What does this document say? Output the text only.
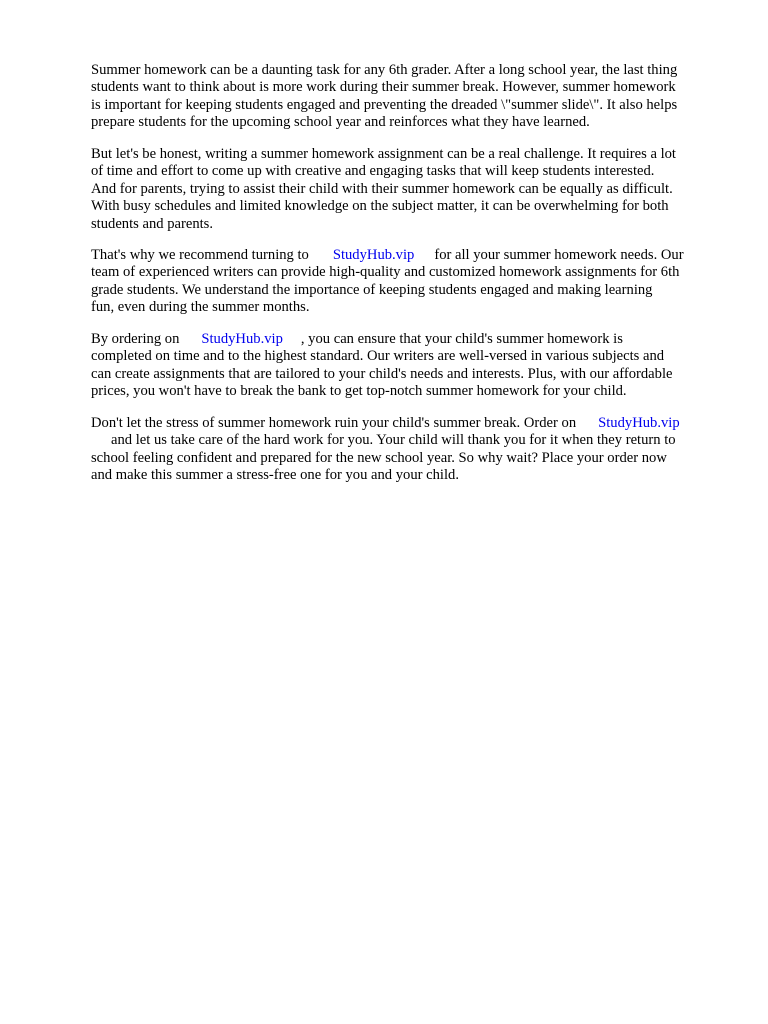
Summer homework can be a daunting task for any 6th grader. After a long school year, the last thing
students want to think about is more work during their summer break. However, summer homework
is important for keeping students engaged and preventing the dreaded \"summer slide\". It also helps
prepare students for the upcoming school year and reinforces what they have learned.

But let's be honest, writing a summer homework assignment can be a real challenge. It requires a lot
of time and effort to come up with creative and engaging tasks that will keep students interested.
And for parents, trying to assist their child with their summer homework can be equally as difficult.
With busy schedules and limited knowledge on the subject matter, it can be overwhelming for both
students and parents.

That's why we recommend turning to StudyHub.vip for all your summer homework needs. Our
team of experienced writers can provide high-quality and customized homework assignments for 6th
grade students. We understand the importance of keeping students engaged and making learning
fun, even during the summer months.

By ordering on StudyHub.vip , you can ensure that your child's summer homework is
completed on time and to the highest standard. Our writers are well-versed in various subjects and
can create assignments that are tailored to your child's needs and interests. Plus, with our affordable
prices, you won't have to break the bank to get top-notch summer homework for your child.

Don't let the stress of summer homework ruin your child's summer break. Order on StudyHub.vip
and let us take care of the hard work for you. Your child will thank you for it when they return to
school feeling confident and prepared for the new school year. So why wait? Place your order now
and make this summer a stress-free one for you and your child.
